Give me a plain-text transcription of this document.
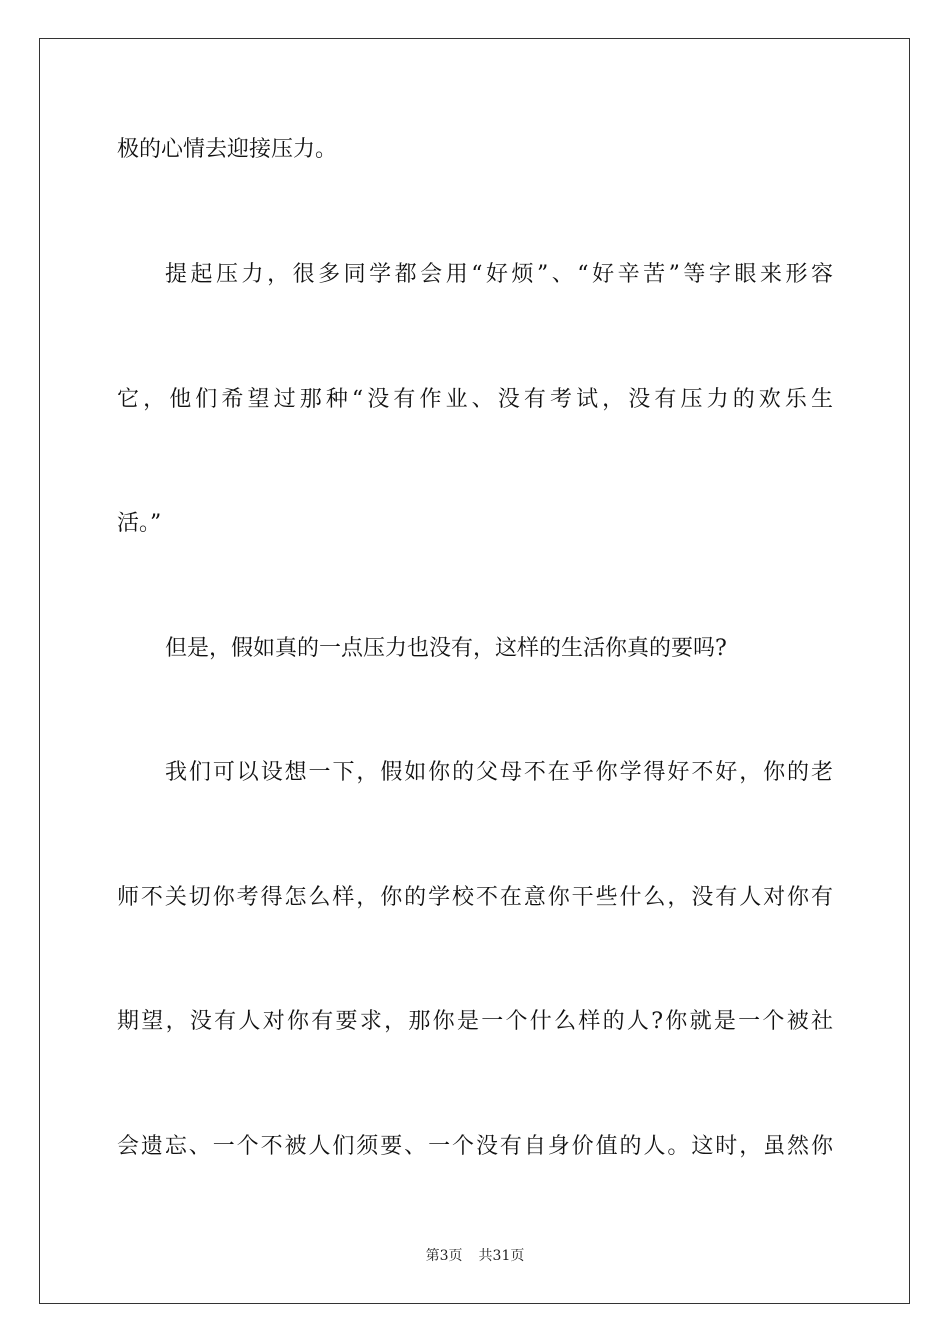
极的心情去迎接压力。
提起压力，很多同学都会用“好烦”、“好辛苦”等字眼来形容
它，他们希望过那种“没有作业、没有考试，没有压力的欢乐生
活。”
但是，假如真的一点压力也没有，这样的生活你真的要吗?
我们可以设想一下，假如你的父母不在乎你学得好不好，你的老
师不关切你考得怎么样，你的学校不在意你干些什么，没有人对你有
期望，没有人对你有要求，那你是一个什么样的人?你就是一个被社
会遗忘、一个不被人们须要、一个没有自身价值的人。这时，虽然你
第3页 共31页
